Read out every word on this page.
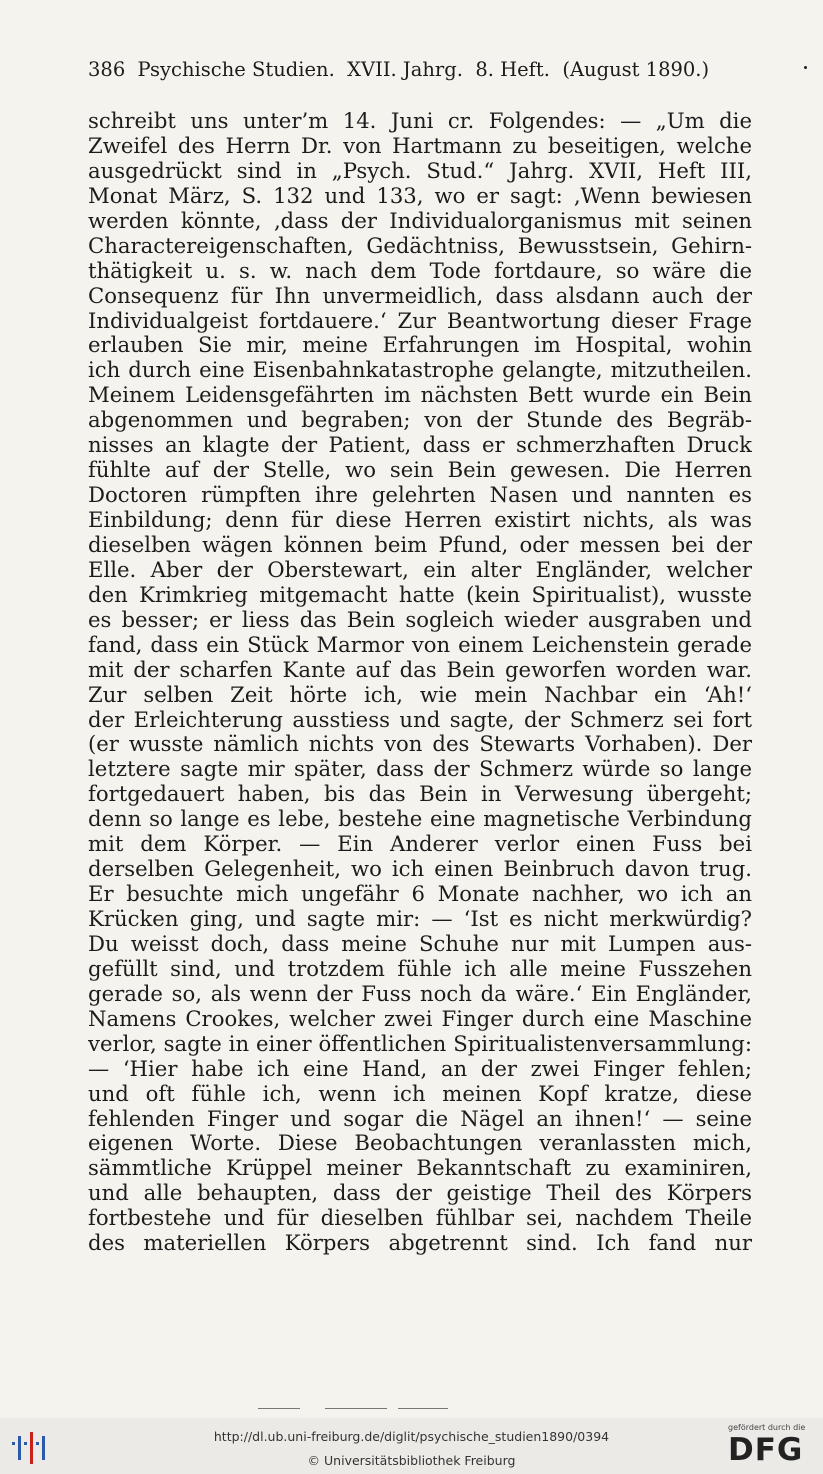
386 Psychische Studien.  XVII. Jahrg.  8. Heft.  (August 1890.)
schreibt uns unter’m 14. Juni cr. Folgendes: — „Um die
Zweifel des Herrn Dr. von Hartmann zu beseitigen, welche
ausgedrückt sind in „Psych. Stud.“ Jahrg. XVII, Heft III,
Monat März, S. 132 und 133, wo er sagt: ‚Wenn bewiesen
werden könnte, ‚dass der Individualorganismus mit seinen
Charactereigenschaften, Gedächtniss, Bewusstsein, Gehirn-
thätigkeit u. s. w. nach dem Tode fortdaure, so wäre die
Consequenz für Ihn unvermeidlich, dass alsdann auch der
Individualgeist fortdauere.‘ Zur Beantwortung dieser Frage
erlauben Sie mir, meine Erfahrungen im Hospital, wohin
ich durch eine Eisenbahnkatastrophe gelangte, mitzutheilen.
Meinem Leidensgefährten im nächsten Bett wurde ein Bein
abgenommen und begraben; von der Stunde des Begräb-
nisses an klagte der Patient, dass er schmerzhaften Druck
fühlte auf der Stelle, wo sein Bein gewesen. Die Herren
Doctoren rümpften ihre gelehrten Nasen und nannten es
Einbildung; denn für diese Herren existirt nichts, als was
dieselben wägen können beim Pfund, oder messen bei der
Elle. Aber der Oberstewart, ein alter Engländer, welcher
den Krimkrieg mitgemacht hatte (kein Spiritualist), wusste
es besser; er liess das Bein sogleich wieder ausgraben und
fand, dass ein Stück Marmor von einem Leichenstein gerade
mit der scharfen Kante auf das Bein geworfen worden war.
Zur selben Zeit hörte ich, wie mein Nachbar ein ‘Ah!‘
der Erleichterung ausstiess und sagte, der Schmerz sei fort
(er wusste nämlich nichts von des Stewarts Vorhaben). Der
letztere sagte mir später, dass der Schmerz würde so lange
fortgedauert haben, bis das Bein in Verwesung übergeht;
denn so lange es lebe, bestehe eine magnetische Verbindung
mit dem Körper. — Ein Anderer verlor einen Fuss bei
derselben Gelegenheit, wo ich einen Beinbruch davon trug.
Er besuchte mich ungefähr 6 Monate nachher, wo ich an
Krücken ging, und sagte mir: — ‘Ist es nicht merkwürdig?
Du weisst doch, dass meine Schuhe nur mit Lumpen aus-
gefüllt sind, und trotzdem fühle ich alle meine Fusszehen
gerade so, als wenn der Fuss noch da wäre.‘ Ein Engländer,
Namens Crookes, welcher zwei Finger durch eine Maschine
verlor, sagte in einer öffentlichen Spiritualistenversammlung:
— ‘Hier habe ich eine Hand, an der zwei Finger fehlen;
und oft fühle ich, wenn ich meinen Kopf kratze, diese
fehlenden Finger und sogar die Nägel an ihnen!‘ — seine
eigenen Worte. Diese Beobachtungen veranlassten mich,
sämmtliche Krüppel meiner Bekanntschaft zu examiniren,
und alle behaupten, dass der geistige Theil des Körpers
fortbestehe und für dieselben fühlbar sei, nachdem Theile
des materiellen Körpers abgetrennt sind. Ich fand nur
http://dl.ub.uni-freiburg.de/diglit/psychische_studien1890/0394
© Universitätsbibliothek Freiburg
gefördert durch die
DFG
